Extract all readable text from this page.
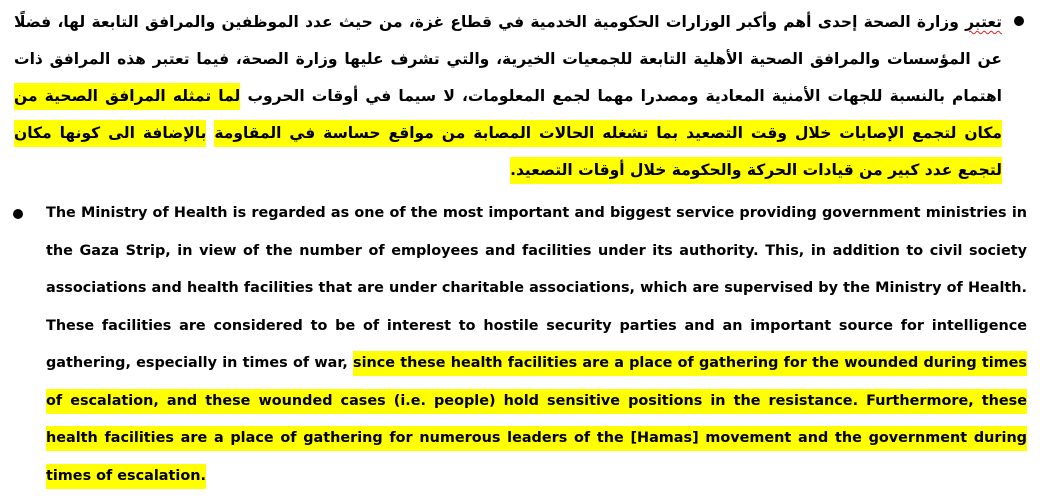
تعتبر وزارة الصحة إحدى أهم وأكبر الوزارات الحكومية الخدمية في قطاع غزة، من حيث عدد الموظفين والمرافق التابعة لها، فضلًا عن المؤسسات والمرافق الصحية الأهلية التابعة للجمعيات الخيرية، والتي تشرف عليها وزارة الصحة، فيما تعتبر هذه المرافق ذات اهتمام بالنسبة للجهات الأمنية المعادية ومصدرا مهما لجمع المعلومات، لا سيما في أوقات الحروب لما تمثله المرافق الصحية من مكان لتجمع الإصابات خلال وقت التصعيد بما تشغله الحالات المصابة من مواقع حساسة في المقاومة بالإضافة الى كونها مكان لتجمع عدد كبير من قيادات الحركة والحكومة خلال أوقات التصعيد.

The Ministry of Health is regarded as one of the most important and biggest service providing government ministries in the Gaza Strip, in view of the number of employees and facilities under its authority. This, in addition to civil society associations and health facilities that are under charitable associations, which are supervised by the Ministry of Health. These facilities are considered to be of interest to hostile security parties and an important source for intelligence gathering, especially in times of war, since these health facilities are a place of gathering for the wounded during times of escalation, and these wounded cases (i.e. people) hold sensitive positions in the resistance. Furthermore, these health facilities are a place of gathering for numerous leaders of the [Hamas] movement and the government during times of escalation.
